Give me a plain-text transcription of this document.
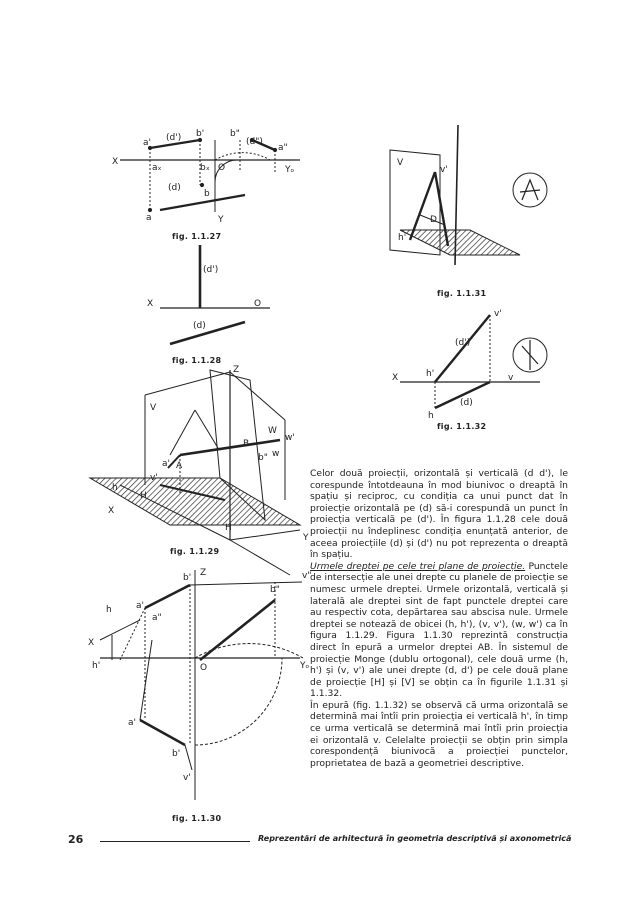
a' (d') b'	b"
(d")
a"
X
aₓ	bₓ O	Yₒ
(d)
b
a	Y
(d')
X	O
(d)
Z
V
W
w'
w
B
b"
A
a'
v'
h
H
X
Y
H
Z
b'
b"
v"
h	a'
a"
X
O	Yₒ
h'
a'
b'
v'
V
v'
D
h'
v'
(d')
X	h'	v
(d)
h
fig. 1.1.27
fig. 1.1.28
fig. 1.1.29
fig. 1.1.30
fig. 1.1.31
fig. 1.1.32

Celor două proiecții, orizontală și verticală (d d'), le corespunde întotdeauna în mod biunivoc o dreaptă în spațiu și reciproc, cu condiția ca unui punct dat în proiecție orizontală pe (d) să-i corespundă un punct în proiecția verticală pe (d'). În figura 1.1.28 cele două proiecții nu îndeplinesc condiția enunțată anterior, de aceea proiecțiile (d) și (d') nu pot reprezenta o dreaptă în spațiu.

Urmele dreptei pe cele trei plane de proiecție. Punctele de intersecție ale unei drepte cu planele de proiecție se numesc urmele dreptei. Urmele orizontală, verticală și laterală ale dreptei sint de fapt punctele dreptei care au respectiv cota, depărtarea sau abscisa nule. Urmele dreptei se notează de obicei (h, h'), (v, v'), (w, w') ca în figura 1.1.29. Figura 1.1.30 reprezintă construcția direct în epură a urmelor dreptei AB. În sistemul de proiecție Monge (dublu ortogonal), cele două urme (h, h') și (v, v') ale unei drepte (d, d') pe cele două plane de proiecție [H] și [V] se obțin ca în figurile 1.1.31 și 1.1.32.

În epură (fig. 1.1.32) se observă că urma orizontală se determină mai întîi prin proiecția ei verticală h', în timp ce urma verticală se determină mai întîi prin proiecția ei orizontală v. Celelalte proiecții se obțin prin simpla corespondență biunivocă a proiecției punctelor, proprietatea de bază a geometriei descriptive.

26	Reprezentări de arhitectură în geometria descriptivă și axonometrică
